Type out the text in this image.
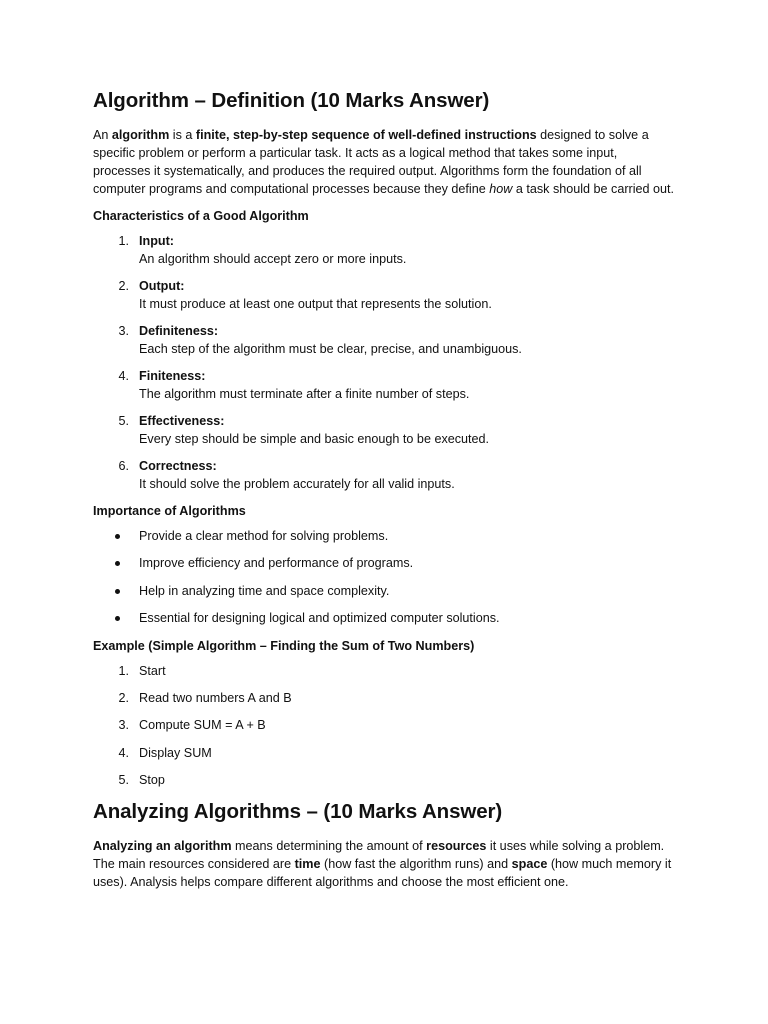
Algorithm – Definition (10 Marks Answer)

An algorithm is a finite, step-by-step sequence of well-defined instructions designed to solve a specific problem or perform a particular task. It acts as a logical method that takes some input, processes it systematically, and produces the required output. Algorithms form the foundation of all computer programs and computational processes because they define how a task should be carried out.

Characteristics of a Good Algorithm
1. Input:
An algorithm should accept zero or more inputs.
2. Output:
It must produce at least one output that represents the solution.
3. Definiteness:
Each step of the algorithm must be clear, precise, and unambiguous.
4. Finiteness:
The algorithm must terminate after a finite number of steps.
5. Effectiveness:
Every step should be simple and basic enough to be executed.
6. Correctness:
It should solve the problem accurately for all valid inputs.
Importance of Algorithms
Provide a clear method for solving problems.
Improve efficiency and performance of programs.
Help in analyzing time and space complexity.
Essential for designing logical and optimized computer solutions.
Example (Simple Algorithm – Finding the Sum of Two Numbers)
1. Start
2. Read two numbers A and B
3. Compute SUM = A + B
4. Display SUM
5. Stop
Analyzing Algorithms – (10 Marks Answer)

Analyzing an algorithm means determining the amount of resources it uses while solving a problem. The main resources considered are time (how fast the algorithm runs) and space (how much memory it uses). Analysis helps compare different algorithms and choose the most efficient one.
